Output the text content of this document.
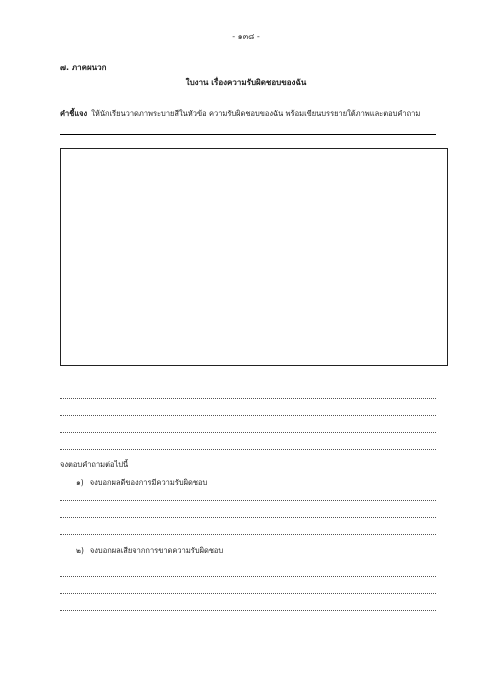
- ๑๓๘ -
๗. ภาคผนวก
ใบงาน เรื่องความรับผิดชอบของฉัน
คำชี้แจง ให้นักเรียนวาดภาพระบายสีในหัวข้อ ความรับผิดชอบของฉัน พร้อมเขียนบรรยายใต้ภาพและตอบคำถาม
จงตอบคำถามต่อไปนี้
๑) จงบอกผลดีของการมีความรับผิดชอบ
๒) จงบอกผลเสียจากการขาดความรับผิดชอบ
